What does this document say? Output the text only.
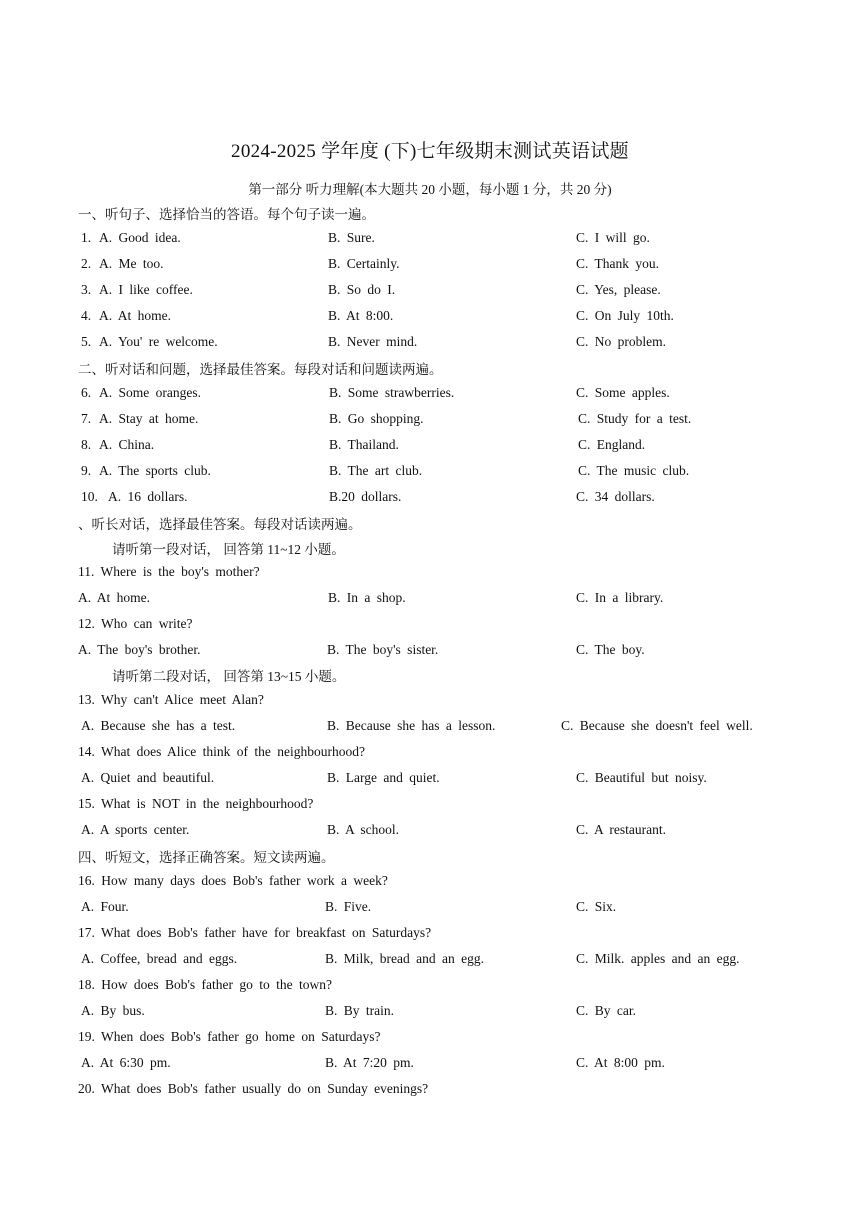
2024-2025 学年度 (下)七年级期末测试英语试题
第一部分 听力理解(本大题共 20 小题，每小题 1 分，共 20 分)
一、听句子、选择恰当的答语。每个句子读一遍。
1. A. Good idea.	B. Sure.	C. I will go.
2. A. Me too.	B. Certainly.	C. Thank you.
3. A. I like coffee.	B. So do I.	C. Yes, please.
4. A. At home.	B. At 8:00.	C. On July 10th.
5. A. You' re welcome.	B. Never mind.	C. No problem.
二、听对话和问题，选择最佳答案。每段对话和问题读两遍。
6. A. Some oranges.	B. Some strawberries.	C. Some apples.
7. A. Stay at home.	B. Go shopping.	C. Study for a test.
8. A. China.	B. Thailand.	C. England.
9. A. The sports club.	B. The art club.	C. The music club.
10. A. 16 dollars.	B.20 dollars.	C. 34 dollars.
、听长对话，选择最佳答案。每段对话读两遍。
请听第一段对话， 回答第 11~12 小题。
11. Where is the boy's mother?
A. At home.	B. In a shop.	C. In a library.
12. Who can write?
A. The boy's brother.	B. The boy's sister.	C. The boy.
请听第二段对话， 回答第 13~15 小题。
13. Why can't Alice meet Alan?
A. Because she has a test.	B. Because she has a lesson.	C. Because she doesn't feel well.
14. What does Alice think of the neighbourhood?
A. Quiet and beautiful.	B. Large and quiet.	C. Beautiful but noisy.
15. What is NOT in the neighbourhood?
A. A sports center.	B. A school.	C. A restaurant.
四、听短文，选择正确答案。短文读两遍。
16. How many days does Bob's father work a week?
A. Four.	B. Five.	C. Six.
17. What does Bob's father have for breakfast on Saturdays?
A. Coffee, bread and eggs.	B. Milk, bread and an egg.	C. Milk. apples and an egg.
18. How does Bob's father go to the town?
A. By bus.	B. By train.	C. By car.
19. When does Bob's father go home on Saturdays?
A. At 6:30 pm.	B. At 7:20 pm.	C. At 8:00 pm.
20. What does Bob's father usually do on Sunday evenings?
